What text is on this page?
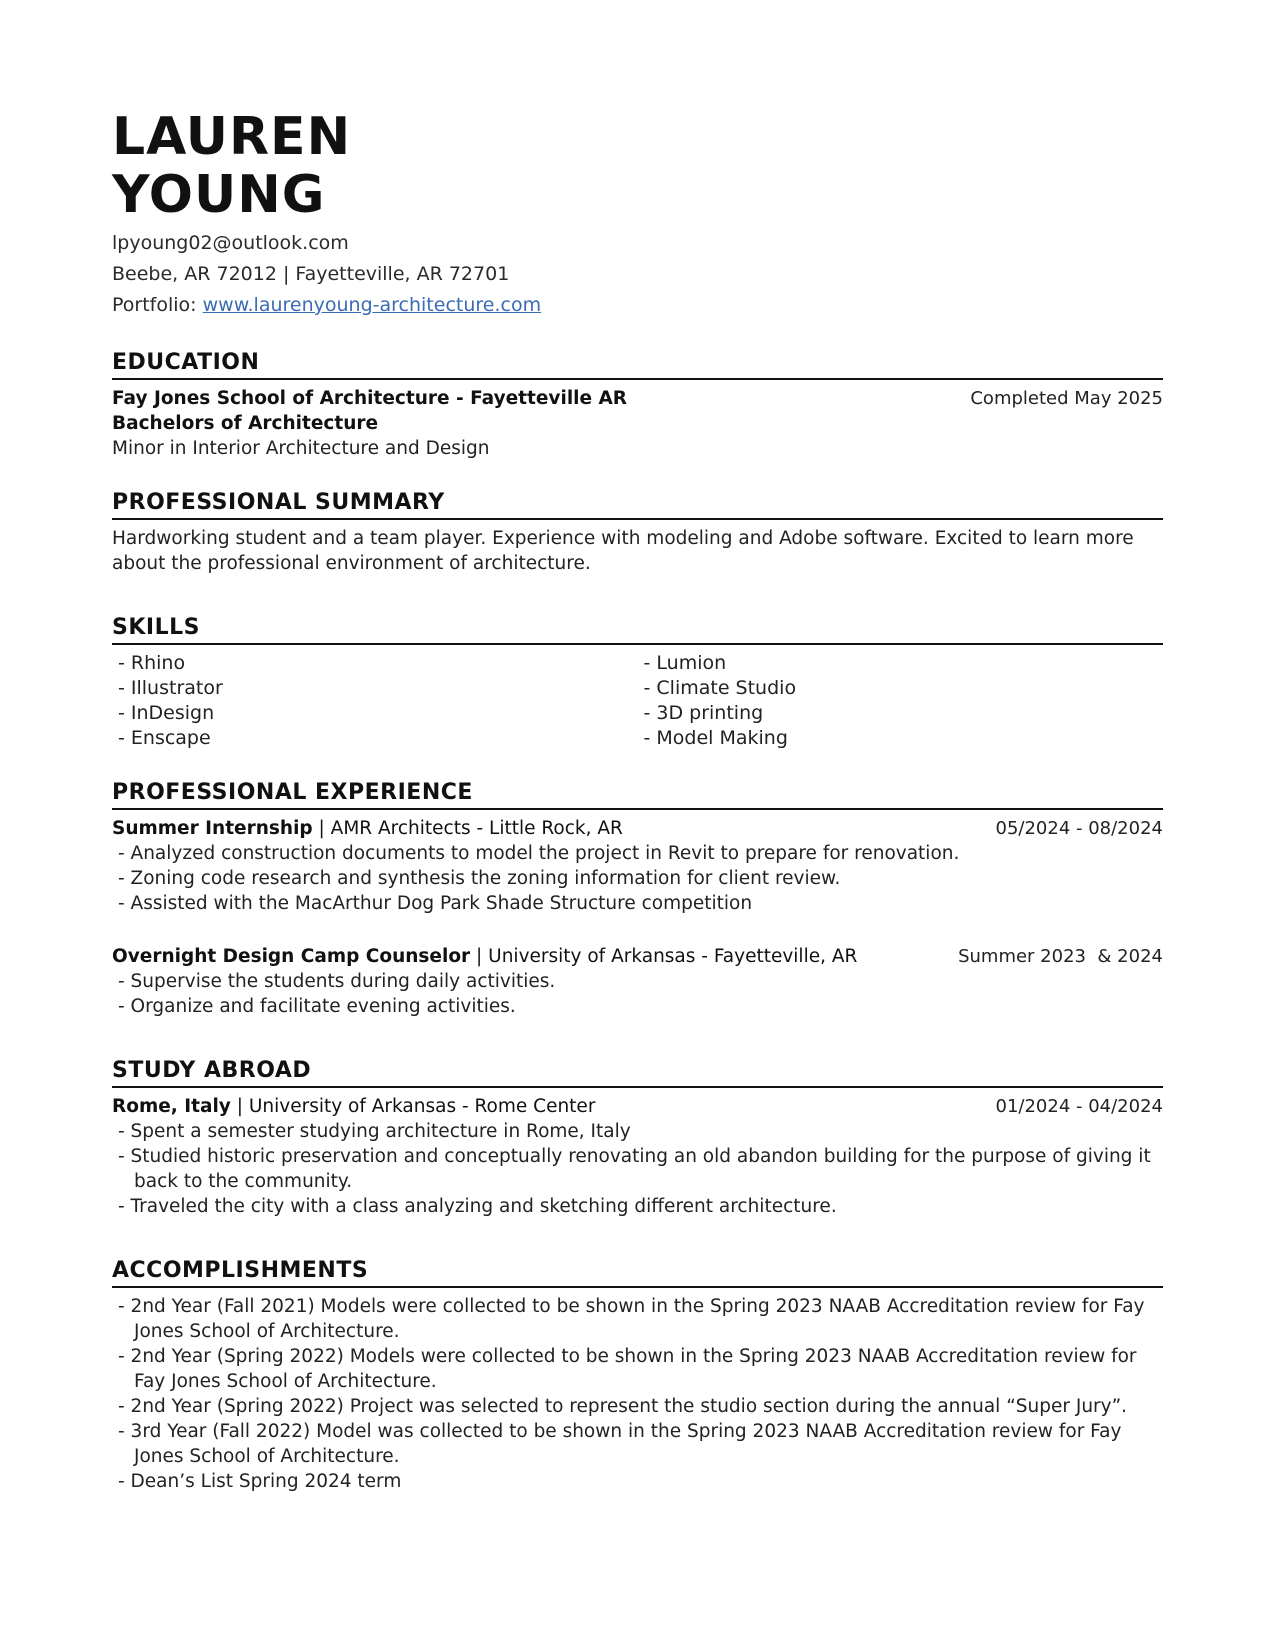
LAUREN
YOUNG
lpyoung02@outlook.com
Beebe, AR 72012 | Fayetteville, AR 72701
Portfolio: www.laurenyoung-architecture.com
EDUCATION
Fay Jones School of Architecture - Fayetteville AR	Completed May 2025
Bachelors of Architecture
Minor in Interior Architecture and Design
PROFESSIONAL SUMMARY
Hardworking student and a team player. Experience with modeling and Adobe software. Excited to learn more about the professional environment of architecture.
SKILLS
- Rhino
- Illustrator
- InDesign
- Enscape
- Lumion
- Climate Studio
- 3D printing
- Model Making
PROFESSIONAL EXPERIENCE
Summer Internship | AMR Architects - Little Rock, AR	05/2024 - 08/2024
- Analyzed construction documents to model the project in Revit to prepare for renovation.
- Zoning code research and synthesis the zoning information for client review.
- Assisted with the MacArthur Dog Park Shade Structure competition
Overnight Design Camp Counselor | University of Arkansas - Fayetteville, AR	Summer 2023  & 2024
- Supervise the students during daily activities.
- Organize and facilitate evening activities.
STUDY ABROAD
Rome, Italy | University of Arkansas - Rome Center	01/2024 - 04/2024
- Spent a semester studying architecture in Rome, Italy
- Studied historic preservation and conceptually renovating an old abandon building for the purpose of giving it back to the community.
- Traveled the city with a class analyzing and sketching different architecture.
ACCOMPLISHMENTS
- 2nd Year (Fall 2021) Models were collected to be shown in the Spring 2023 NAAB Accreditation review for Fay Jones School of Architecture.
- 2nd Year (Spring 2022) Models were collected to be shown in the Spring 2023 NAAB Accreditation review for Fay Jones School of Architecture.
- 2nd Year (Spring 2022) Project was selected to represent the studio section during the annual “Super Jury”.
- 3rd Year (Fall 2022) Model was collected to be shown in the Spring 2023 NAAB Accreditation review for Fay Jones School of Architecture.
- Dean’s List Spring 2024 term
